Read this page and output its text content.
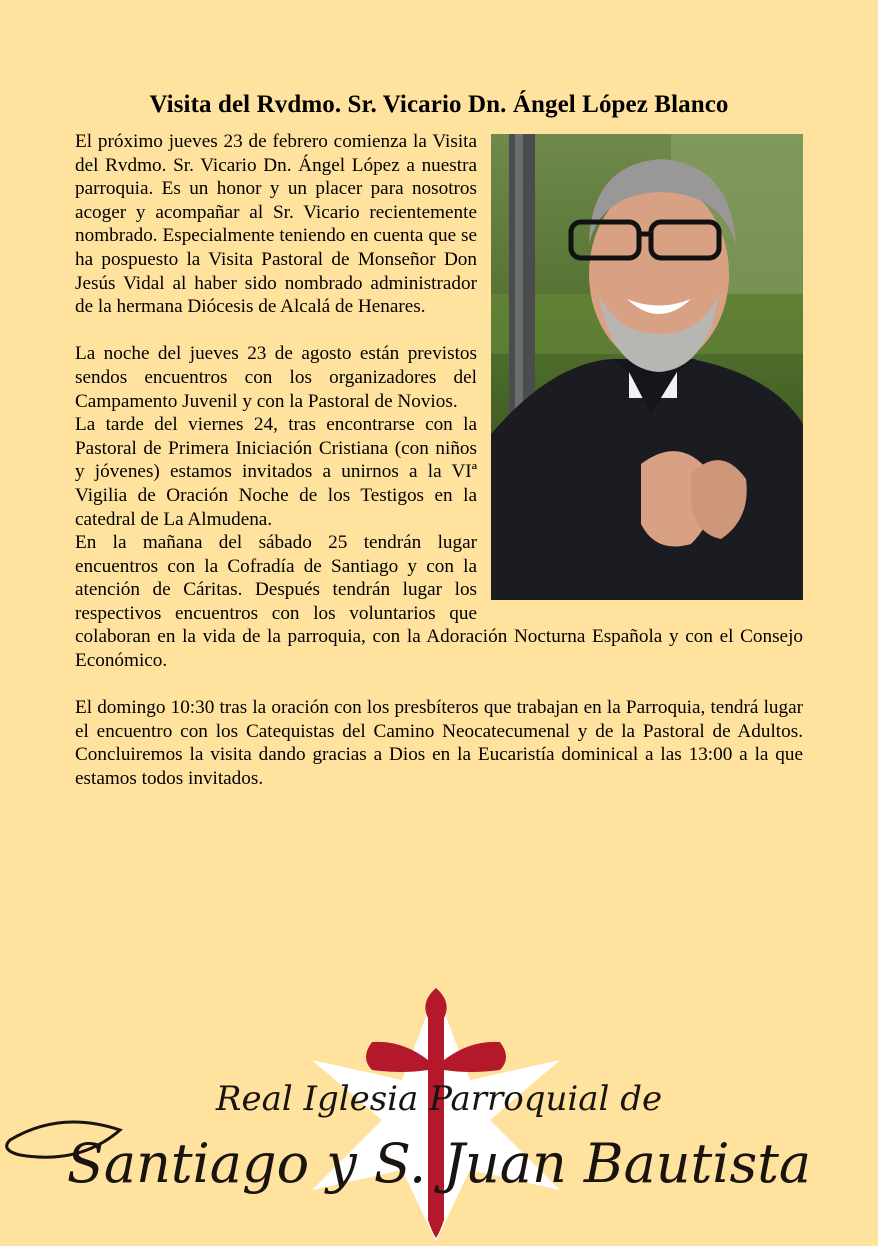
Visita del Rvdmo. Sr. Vicario Dn. Ángel López Blanco

El próximo jueves 23 de febrero comienza la Visita del Rvdmo. Sr. Vicario Dn. Ángel López a nuestra parroquia. Es un honor y un placer para nosotros acoger y acompañar al Sr. Vicario recientemente nombrado. Especialmente teniendo en cuenta que se ha pospuesto la Visita Pastoral de Monseñor Don Jesús Vidal al haber sido nombrado administrador de la hermana Diócesis de Alcalá de Henares.

La noche del jueves 23 de agosto están previstos sendos encuentros con los organizadores del Campamento Juvenil y con la Pastoral de Novios.

La tarde del viernes 24, tras encontrarse con la Pastoral de Primera Iniciación Cristiana (con niños y jóvenes) estamos invitados a unirnos a la VIª Vigilia de Oración Noche de los Testigos en la catedral de La Almudena.

En la mañana del sábado 25 tendrán lugar encuentros con la Cofradía de Santiago y con la atención de Cáritas. Después tendrán lugar los respectivos encuentros con los voluntarios que colaboran en la vida de la parroquia, con la Adoración Nocturna Española y con el Consejo Económico.

El domingo 10:30 tras la oración con los presbíteros que trabajan en la Parroquia, tendrá lugar el encuentro con los Catequistas del Camino Neocatecumenal y de la Pastoral de Adultos. Concluiremos la visita dando gracias a Dios en la Eucaristía dominical a las 13:00 a la que estamos todos invitados.

Real Iglesia Parroquial de
Santiago y S. Juan Bautista
